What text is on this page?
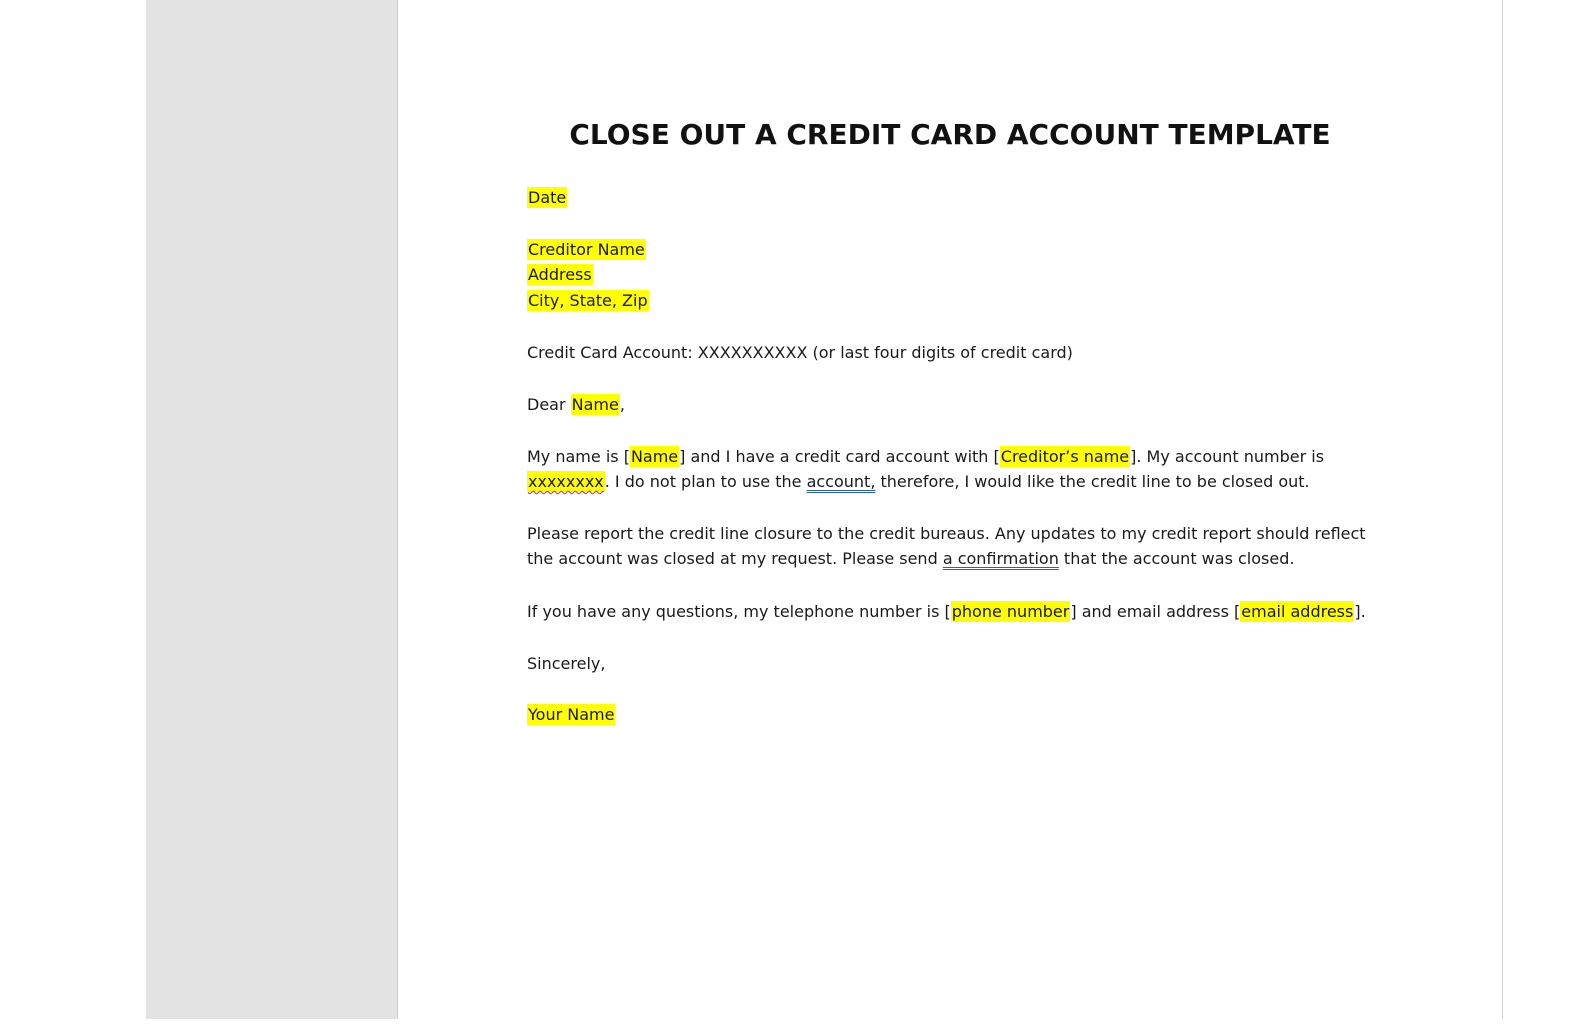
CLOSE OUT A CREDIT CARD ACCOUNT TEMPLATE
Date
Creditor Name
Address
City, State, Zip
Credit Card Account: XXXXXXXXXX (or last four digits of credit card)
Dear Name,
My name is [Name] and I have a credit card account with [Creditor’s name]. My account number is
xxxxxxxx. I do not plan to use the account, therefore, I would like the credit line to be closed out.
Please report the credit line closure to the credit bureaus. Any updates to my credit report should reflect
the account was closed at my request. Please send a confirmation that the account was closed.
If you have any questions, my telephone number is [phone number] and email address [email address].
Sincerely,
Your Name
